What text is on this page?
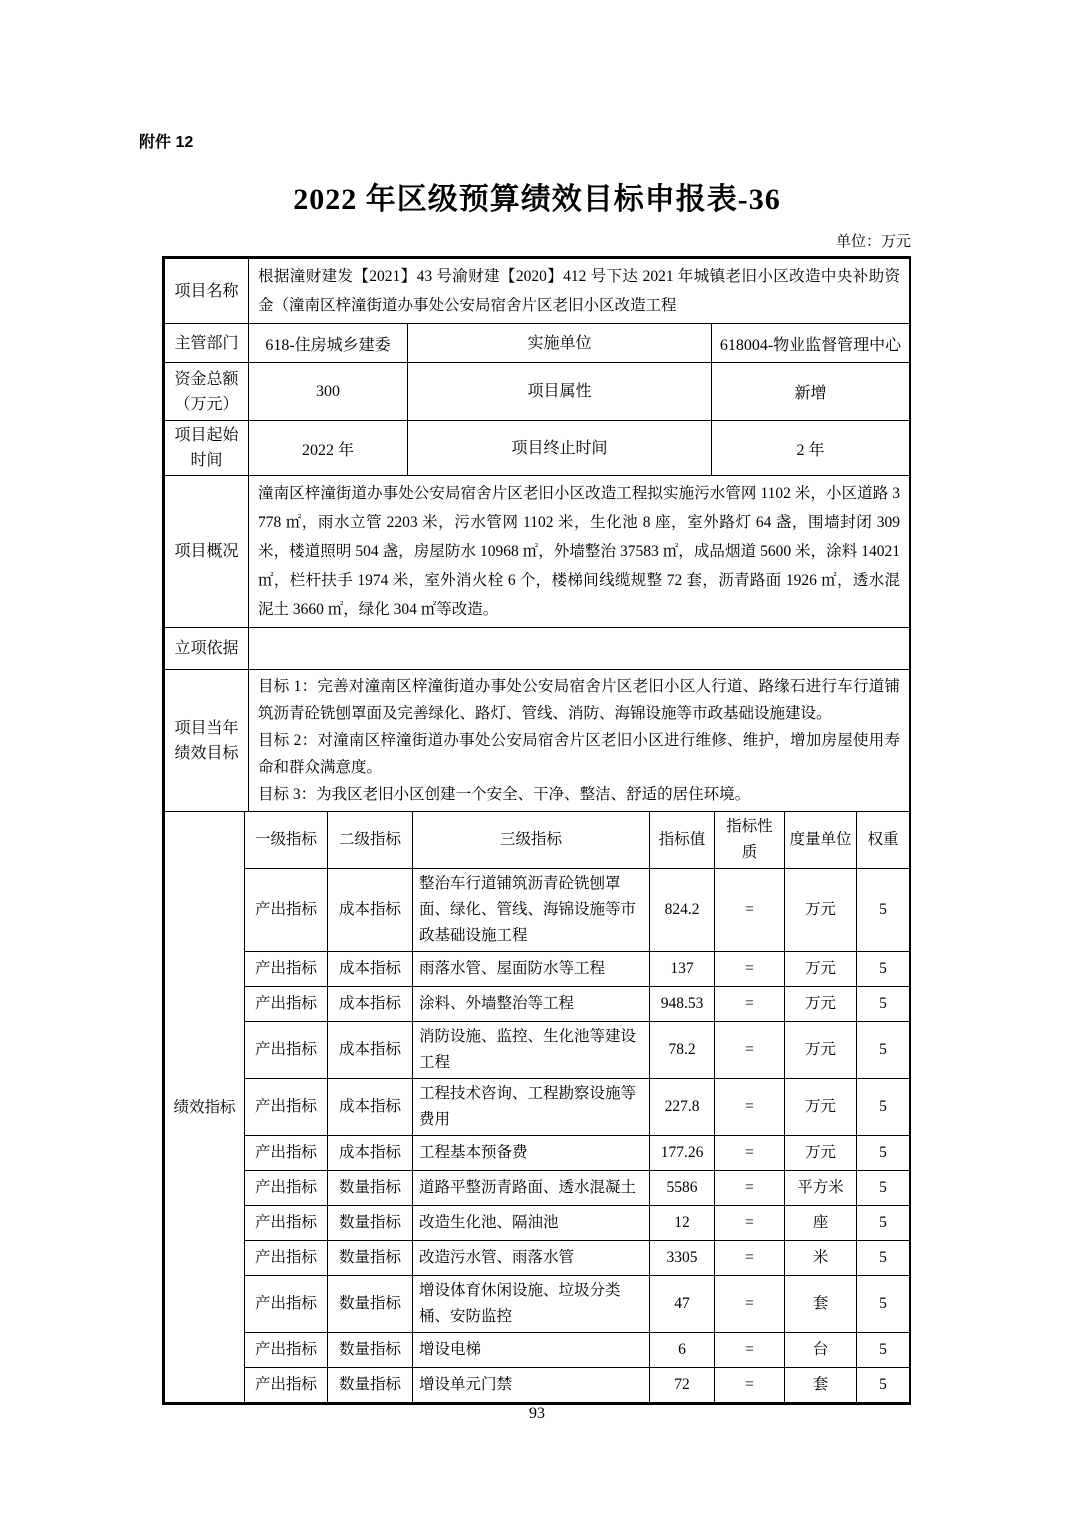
附件 12
2022 年区级预算绩效目标申报表-36
单位：万元
项目名称	根据潼财建发【2021】43 号渝财建【2020】412 号下达 2021 年城镇老旧小区改造中央补助资金（潼南区梓潼街道办事处公安局宿舍片区老旧小区改造工程		
主管部门	618-住房城乡建委	实施单位	618004-物业监督管理中心
资金总额（万元）	300	项目属性	新增
项目起始时间	2022 年	项目终止时间	2 年
项目概况	潼南区梓潼街道办事处公安局宿舍片区老旧小区改造工程拟实施污水管网 1102 米，小区道路 3778 ㎡，雨水立管 2203 米，污水管网 1102 米，生化池 8 座，室外路灯 64 盏，围墙封闭 309 米，楼道照明 504 盏，房屋防水 10968 ㎡，外墙整治 37583 ㎡，成品烟道 5600 米，涂料 14021 ㎡，栏杆扶手 1974 米，室外消火栓 6 个，楼梯间线缆规整 72 套，沥青路面 1926 ㎡，透水混泥土 3660 ㎡，绿化 304 ㎡等改造。		
立项依据			
项目当年绩效目标	目标 1：完善对潼南区梓潼街道办事处公安局宿舍片区老旧小区人行道、路缘石进行车行道铺筑沥青砼铣刨罩面及完善绿化、路灯、管线、消防、海锦设施等市政基础设施建设。
目标 2：对潼南区梓潼街道办事处公安局宿舍片区老旧小区进行维修、维护，增加房屋使用寿命和群众满意度。
目标 3：为我区老旧小区创建一个安全、干净、整洁、舒适的居住环境。		
绩效指标	一级指标	二级指标	三级指标	指标值	指标性质	度量单位	权重
	产出指标	成本指标	整治车行道铺筑沥青砼铣刨罩面、绿化、管线、海锦设施等市政基础设施工程	824.2	=	万元	5
	产出指标	成本指标	雨落水管、屋面防水等工程	137	=	万元	5
	产出指标	成本指标	涂料、外墙整治等工程	948.53	=	万元	5
	产出指标	成本指标	消防设施、监控、生化池等建设工程	78.2	=	万元	5
	产出指标	成本指标	工程技术咨询、工程勘察设施等费用	227.8	=	万元	5
	产出指标	成本指标	工程基本预备费	177.26	=	万元	5
	产出指标	数量指标	道路平整沥青路面、透水混凝土	5586	=	平方米	5
	产出指标	数量指标	改造生化池、隔油池	12	=	座	5
	产出指标	数量指标	改造污水管、雨落水管	3305	=	米	5
	产出指标	数量指标	增设体育休闲设施、垃圾分类桶、安防监控	47	=	套	5
	产出指标	数量指标	增设电梯	6	=	台	5
	产出指标	数量指标	增设单元门禁	72	=	套	5
93
